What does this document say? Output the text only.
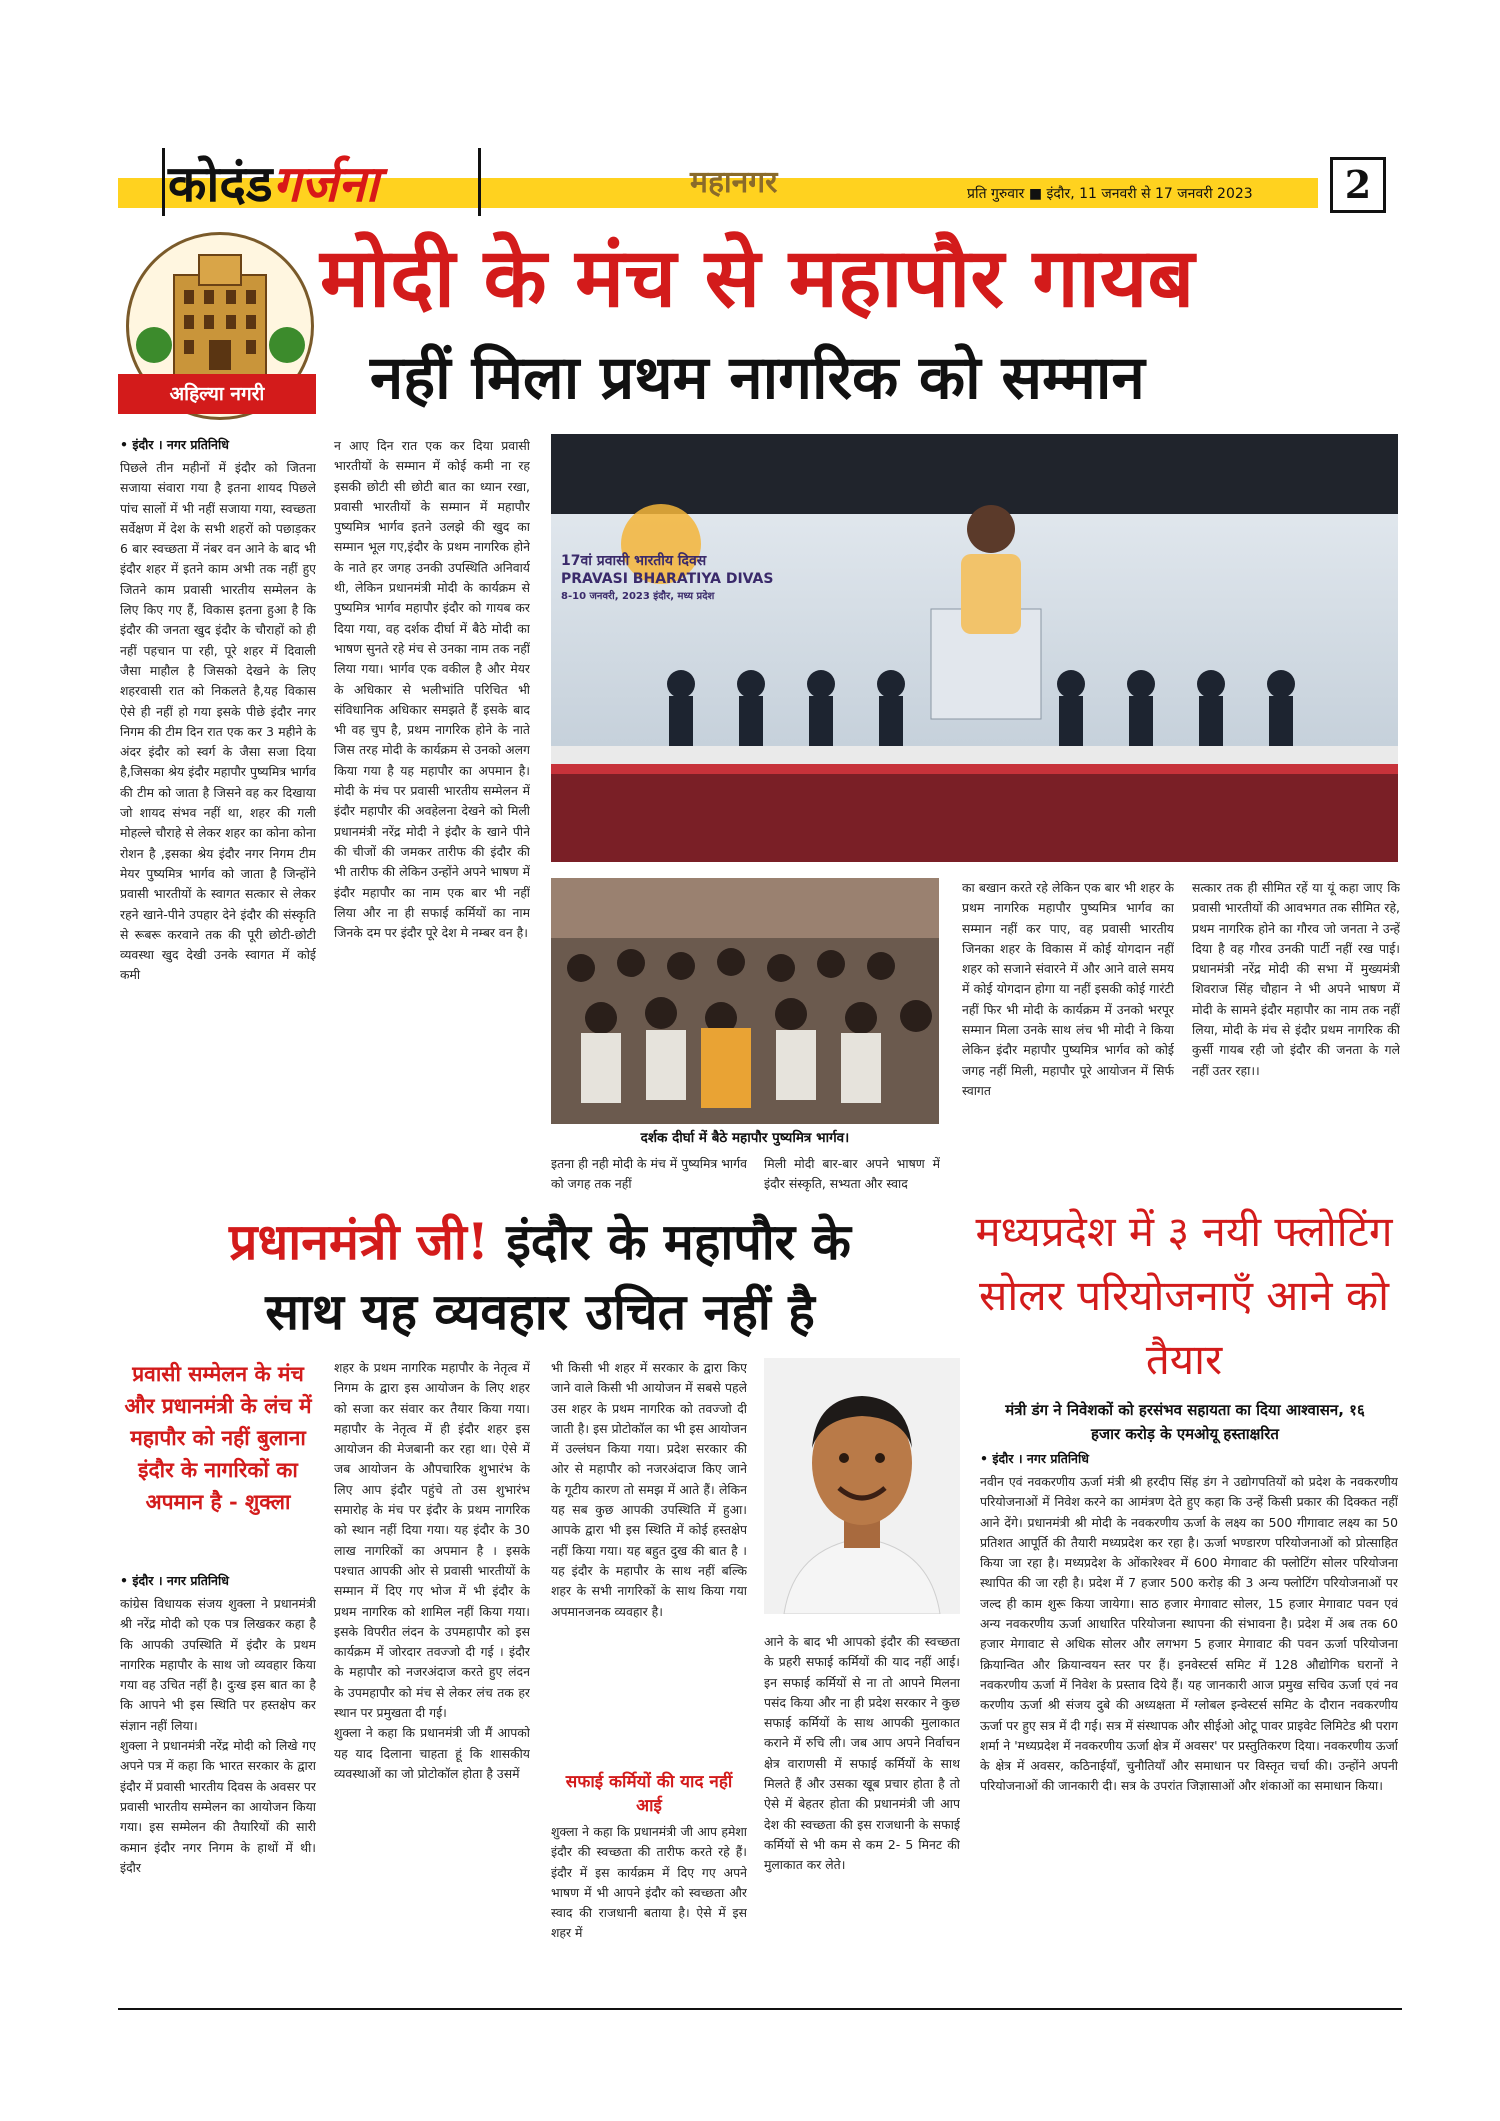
कोदंडगर्जना	महानगर	प्रति गुरुवार ■ इंदौर, 11 जनवरी से 17 जनवरी 2023	2
अहिल्या नगरी
मोदी के मंच से महापौर गायब
नहीं मिला प्रथम नागरिक को सम्मान
• इंदौर । नगर प्रतिनिधि
पिछले तीन महीनों में इंदौर को जितना सजाया संवारा गया है इतना शायद पिछले पांच सालों में भी नहीं सजाया गया, स्वच्छता सर्वेक्षण में देश के सभी शहरों को पछाड़कर 6 बार स्वच्छता में नंबर वन आने के बाद भी इंदौर शहर में इतने काम अभी तक नहीं हुए जितने काम प्रवासी भारतीय सम्मेलन के लिए किए गए हैं, विकास इतना हुआ है कि इंदौर की जनता खुद इंदौर के चौराहों को ही नहीं पहचान पा रही, पूरे शहर में दिवाली जैसा माहौल है जिसको देखने के लिए शहरवासी रात को निकलते है,यह विकास ऐसे ही नहीं हो गया इसके पीछे इंदौर नगर निगम की टीम दिन रात एक कर 3 महीने के अंदर इंदौर को स्वर्ग के जैसा सजा दिया है,जिसका श्रेय इंदौर महापौर पुष्यमित्र भार्गव की टीम को जाता है जिसने वह कर दिखाया जो शायद संभव नहीं था, शहर की गली मोहल्ले चौराहे से लेकर शहर का कोना कोना रोशन है ,इसका श्रेय इंदौर नगर निगम टीम मेयर पुष्यमित्र भार्गव को जाता है जिन्होंने प्रवासी भारतीयों के स्वागत सत्कार से लेकर रहने खाने-पीने उपहार देने इंदौर की संस्कृति से रूबरू करवाने तक की पूरी छोटी-छोटी व्यवस्था खुद देखी उनके स्वागत में कोई कमी
न आए दिन रात एक कर दिया प्रवासी भारतीयों के सम्मान में कोई कमी ना रह इसकी छोटी सी छोटी बात का ध्यान रखा, प्रवासी भारतीयों के सम्मान में महापौर पुष्यमित्र भार्गव इतने उलझे की खुद का सम्मान भूल गए,इंदौर के प्रथम नागरिक होने के नाते हर जगह उनकी उपस्थिति अनिवार्य थी, लेकिन प्रधानमंत्री मोदी के कार्यक्रम से पुष्यमित्र भार्गव महापौर इंदौर को गायब कर दिया गया, वह दर्शक दीर्घा में बैठे मोदी का भाषण सुनते रहे मंच से उनका नाम तक नहीं लिया गया। भार्गव एक वकील है और मेयर के अधिकार से भलीभांति परिचित भी संविधानिक अधिकार समझते हैं इसके बाद भी वह चुप है, प्रथम नागरिक होने के नाते जिस तरह मोदी के कार्यक्रम से उनको अलग किया गया है यह महापौर का अपमान है। मोदी के मंच पर प्रवासी भारतीय सम्मेलन में इंदौर महापौर की अवहेलना देखने को मिली प्रधानमंत्री नरेंद्र मोदी ने इंदौर के खाने पीने की चीजों की जमकर तारीफ की इंदौर की भी तारीफ की लेकिन उन्होंने अपने भाषण में इंदौर महापौर का नाम एक बार भी नहीं लिया और ना ही सफाई कर्मियों का नाम जिनके दम पर इंदौर पूरे देश मे नम्बर वन है।
17वां प्रवासी भारतीय दिवस
PRAVASI BHARATIYA DIVAS
8-10 जनवरी, 2023 इंदौर, मध्य प्रदेश
दर्शक दीर्घा में बैठे महापौर पुष्यमित्र भार्गव।
इतना ही नही मोदी के मंच में पुष्यमित्र भार्गव को जगह तक नहीं
मिली मोदी बार-बार अपने भाषण में इंदौर संस्कृति, सभ्यता और स्वाद
का बखान करते रहे लेकिन एक बार भी शहर के प्रथम नागरिक महापौर पुष्यमित्र भार्गव का सम्मान नहीं कर पाए, वह प्रवासी भारतीय जिनका शहर के विकास में कोई योगदान नहीं शहर को सजाने संवारने में और आने वाले समय में कोई योगदान होगा या नहीं इसकी कोई गारंटी नहीं फिर भी मोदी के कार्यक्रम में उनको भरपूर सम्मान मिला उनके साथ लंच भी मोदी ने किया लेकिन इंदौर महापौर पुष्यमित्र भार्गव को कोई जगह नहीं मिली, महापौर पूरे आयोजन में सिर्फ स्वागत
सत्कार तक ही सीमित रहें या यूं कहा जाए कि प्रवासी भारतीयों की आवभगत तक सीमित रहे, प्रथम नागरिक होने का गौरव जो जनता ने उन्हें दिया है वह गौरव उनकी पार्टी नहीं रख पाई। प्रधानमंत्री नरेंद्र मोदी की सभा में मुख्यमंत्री शिवराज सिंह चौहान ने भी अपने भाषण में मोदी के सामने इंदौर महापौर का नाम तक नहीं लिया, मोदी के मंच से इंदौर प्रथम नागरिक की कुर्सी गायब रही जो इंदौर की जनता के गले नहीं उतर रहा।।
प्रधानमंत्री जी! इंदौर के महापौर के
साथ यह व्यवहार उचित नहीं है
मध्यप्रदेश में ३ नयी फ्लोटिंग सोलर परियोजनाएँ आने को तैयार
मंत्री डंग ने निवेशकों को हरसंभव सहायता का दिया आश्वासन, १६ हजार करोड़ के एमओयू हस्ताक्षरित
प्रवासी सम्मेलन के मंच और प्रधानमंत्री के लंच में महापौर को नहीं बुलाना इंदौर के नागरिकों का अपमान है - शुक्ला
• इंदौर । नगर प्रतिनिधि
कांग्रेस विधायक संजय शुक्ला ने प्रधानमंत्री श्री नरेंद्र मोदी को एक पत्र लिखकर कहा है कि आपकी उपस्थिति में इंदौर के प्रथम नागरिक महापौर के साथ जो व्यवहार किया गया वह उचित नहीं है। दुःख इस बात का है कि आपने भी इस स्थिति पर हस्तक्षेप कर संज्ञान नहीं लिया।
शुक्ला ने प्रधानमंत्री नरेंद्र मोदी को लिखे गए अपने पत्र में कहा कि भारत सरकार के द्वारा इंदौर में प्रवासी भारतीय दिवस के अवसर पर प्रवासी भारतीय सम्मेलन का आयोजन किया गया। इस सम्मेलन की तैयारियों की सारी कमान इंदौर नगर निगम के हाथों में थी। इंदौर
शहर के प्रथम नागरिक महापौर के नेतृत्व में निगम के द्वारा इस आयोजन के लिए शहर को सजा कर संवार कर तैयार किया गया। महापौर के नेतृत्व में ही इंदौर शहर इस आयोजन की मेजबानी कर रहा था। ऐसे में जब आयोजन के औपचारिक शुभारंभ के लिए आप इंदौर पहुंचे तो उस शुभारंभ समारोह के मंच पर इंदौर के प्रथम नागरिक को स्थान नहीं दिया गया। यह इंदौर के 30 लाख नागरिकों का अपमान है । इसके पश्चात आपकी ओर से प्रवासी भारतीयों के सम्मान में दिए गए भोज में भी इंदौर के प्रथम नागरिक को शामिल नहीं किया गया। इसके विपरीत लंदन के उपमहापौर को इस कार्यक्रम में जोरदार तवज्जो दी गई । इंदौर के महापौर को नजरअंदाज करते हुए लंदन के उपमहापौर को मंच से लेकर लंच तक हर स्थान पर प्रमुखता दी गई।
शुक्ला ने कहा कि प्रधानमंत्री जी मैं आपको यह याद दिलाना चाहता हूं कि शासकीय व्यवस्थाओं का जो प्रोटोकॉल होता है उसमें
भी किसी भी शहर में सरकार के द्वारा किए जाने वाले किसी भी आयोजन में सबसे पहले उस शहर के प्रथम नागरिक को तवज्जो दी जाती है। इस प्रोटोकॉल का भी इस आयोजन में उल्लंघन किया गया। प्रदेश सरकार की ओर से महापौर को नजरअंदाज किए जाने के गूटीय कारण तो समझ में आते हैं। लेकिन यह सब कुछ आपकी उपस्थिति में हुआ। आपके द्वारा भी इस स्थिति में कोई हस्तक्षेप नहीं किया गया। यह बहुत दुख की बात है । यह इंदौर के महापौर के साथ नहीं बल्कि शहर के सभी नागरिकों के साथ किया गया अपमानजनक व्यवहार है।
सफाई कर्मियों की याद नहीं आई
शुक्ला ने कहा कि प्रधानमंत्री जी आप हमेशा इंदौर की स्वच्छता की तारीफ करते रहे हैं। इंदौर में इस कार्यक्रम में दिए गए अपने भाषण में भी आपने इंदौर को स्वच्छता और स्वाद की राजधानी बताया है। ऐसे में इस शहर में
आने के बाद भी आपको इंदौर की स्वच्छता के प्रहरी सफाई कर्मियों की याद नहीं आई। इन सफाई कर्मियों से ना तो आपने मिलना पसंद किया और ना ही प्रदेश सरकार ने कुछ सफाई कर्मियों के साथ आपकी मुलाकात कराने में रुचि ली। जब आप अपने निर्वाचन क्षेत्र वाराणसी में सफाई कर्मियों के साथ मिलते हैं और उसका खूब प्रचार होता है तो ऐसे में बेहतर होता की प्रधानमंत्री जी आप देश की स्वच्छता की इस राजधानी के सफाई कर्मियों से भी कम से कम 2- 5 मिनट की मुलाकात कर लेते।
• इंदौर । नगर प्रतिनिधि
नवीन एवं नवकरणीय ऊर्जा मंत्री श्री हरदीप सिंह डंग ने उद्योगपतियों को प्रदेश के नवकरणीय परियोजनाओं में निवेश करने का आमंत्रण देते हुए कहा कि उन्हें किसी प्रकार की दिक्कत नहीं आने देंगे। प्रधानमंत्री श्री मोदी के नवकरणीय ऊर्जा के लक्ष्य का 500 गीगावाट लक्ष्य का 50 प्रतिशत आपूर्ति की तैयारी मध्यप्रदेश कर रहा है। ऊर्जा भण्डारण परियोजनाओं को प्रोत्साहित किया जा रहा है। मध्यप्रदेश के ओंकारेश्वर में 600 मेगावाट की फ्लोटिंग सोलर परियोजना स्थापित की जा रही है। प्रदेश में 7 हजार 500 करोड़ की 3 अन्य फ्लोटिंग परियोजनाओं पर जल्द ही काम शुरू किया जायेगा। साठ हजार मेगावाट सोलर, 15 हजार मेगावाट पवन एवं अन्य नवकरणीय ऊर्जा आधारित परियोजना स्थापना की संभावना है। प्रदेश में अब तक 60 हजार मेगावाट से अधिक सोलर और लगभग 5 हजार मेगावाट की पवन ऊर्जा परियोजना क्रियान्वित और क्रियान्वयन स्तर पर हैं। इनवेस्टर्स समिट में 128 औद्योगिक घरानों ने नवकरणीय ऊर्जा में निवेश के प्रस्ताव दिये हैं। यह जानकारी आज प्रमुख सचिव ऊर्जा एवं नव करणीय ऊर्जा श्री संजय दुबे की अध्यक्षता में ग्लोबल इन्वेस्टर्स समिट के दौरान नवकरणीय ऊर्जा पर हुए सत्र में दी गई। सत्र में संस्थापक और सीईओ ओटू पावर प्राइवेट लिमिटेड श्री पराग शर्मा ने 'मध्यप्रदेश में नवकरणीय ऊर्जा क्षेत्र में अवसर' पर प्रस्तुतिकरण दिया। नवकरणीय ऊर्जा के क्षेत्र में अवसर, कठिनाईयाँ, चुनौतियाँ और समाधान पर विस्तृत चर्चा की। उन्होंने अपनी परियोजनाओं की जानकारी दी। सत्र के उपरांत जिज्ञासाओं और शंकाओं का समाधान किया।
